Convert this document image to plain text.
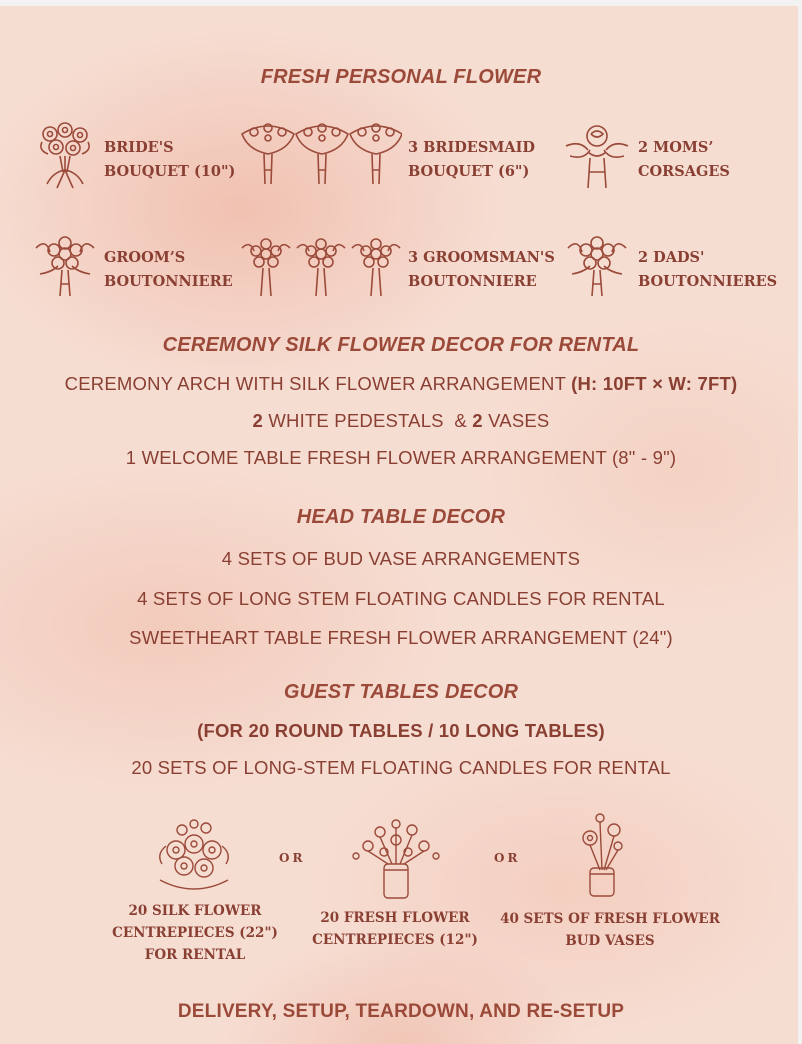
FRESH PERSONAL FLOWER
BRIDE'S
BOUQUET (10")
3 BRIDESMAID
BOUQUET (6")
2 MOMS’
CORSAGES
GROOM’S
BOUTONNIERE
3 GROOMSMAN'S
BOUTONNIERE
2 DADS'
BOUTONNIERES
CEREMONY SILK FLOWER DECOR FOR RENTAL
CEREMONY ARCH WITH SILK FLOWER ARRANGEMENT (H: 10FT × W: 7FT)
2 WHITE PEDESTALS  & 2 VASES
1 WELCOME TABLE FRESH FLOWER ARRANGEMENT (8" - 9")
HEAD TABLE DECOR
4 SETS OF BUD VASE ARRANGEMENTS
4 SETS OF LONG STEM FLOATING CANDLES FOR RENTAL
SWEETHEART TABLE FRESH FLOWER ARRANGEMENT (24")
GUEST TABLES DECOR
(FOR 20 ROUND TABLES / 10 LONG TABLES)
20 SETS OF LONG-STEM FLOATING CANDLES FOR RENTAL
OR	OR
20 SILK FLOWER
CENTREPIECES (22")
FOR RENTAL
20 FRESH FLOWER
CENTREPIECES (12")
40 SETS OF FRESH FLOWER
BUD VASES
DELIVERY, SETUP, TEARDOWN, AND RE-SETUP
